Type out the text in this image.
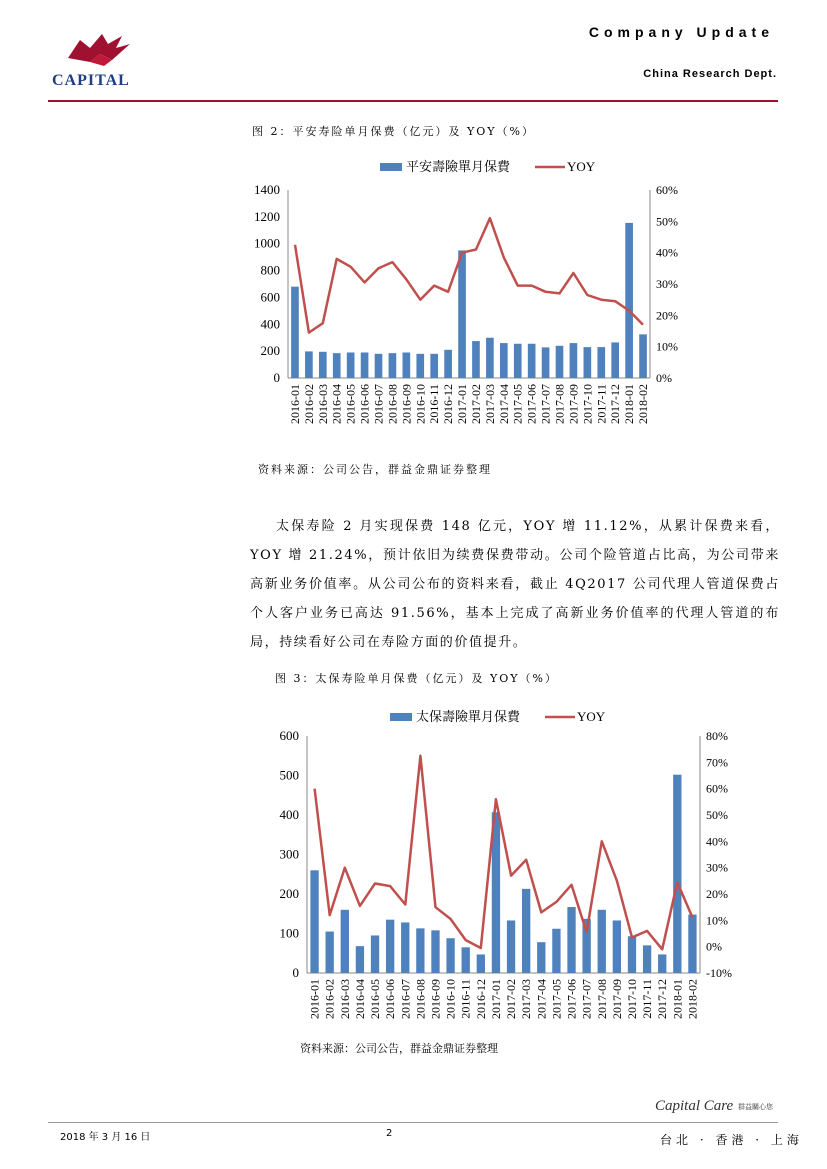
CAPITAL
Company Update
China Research Dept.
图 2：平安寿险单月保费（亿元）及 YOY（%）
0
200
400
600
800
1000
1200
1400
0%
10%
20%
30%
40%
50%
60%
2016-01 2016-02 2016-03 2016-04 2016-05 2016-06 2016-07 2016-08 2016-09 2016-10 2016-11 2016-12 2017-01 2017-02 2017-03 2017-04 2017-05 2017-06 2017-07 2017-08 2017-09 2017-10 2017-11 2017-12 2018-01 2018-02
平安壽險單月保費	YOY
资料来源：公司公告，群益金鼎证券整理

太保寿险 2 月实现保费 148 亿元，YOY 增 11.12%，从累计保费来看，YOY 增 21.24%，预计依旧为续费保费带动。公司个险管道占比高，为公司带来高新业务价值率。从公司公布的资料来看，截止 4Q2017 公司代理人管道保费占个人客户业务已高达 91.56%，基本上完成了高新业务价值率的代理人管道的布局，持续看好公司在寿险方面的价值提升。

图 3：太保寿险单月保费（亿元）及 YOY（%）
0
100
200
300
400
500
600
-10%
0%
10%
20%
30%
40%
50%
60%
70%
80%
2016-01 2016-02 2016-03 2016-04 2016-05 2016-06 2016-07 2016-08 2016-09 2016-10 2016-11 2016-12 2017-01 2017-02 2017-03 2017-04 2017-05 2017-06 2017-07 2017-08 2017-09 2017-10 2017-11 2017-12 2018-01 2018-02
太保壽險單月保費	YOY
资料来源：公司公告，群益金鼎证券整理
Capital Care 群益關心您
2018 年 3 月 16 日	2	台北 · 香港 · 上海
